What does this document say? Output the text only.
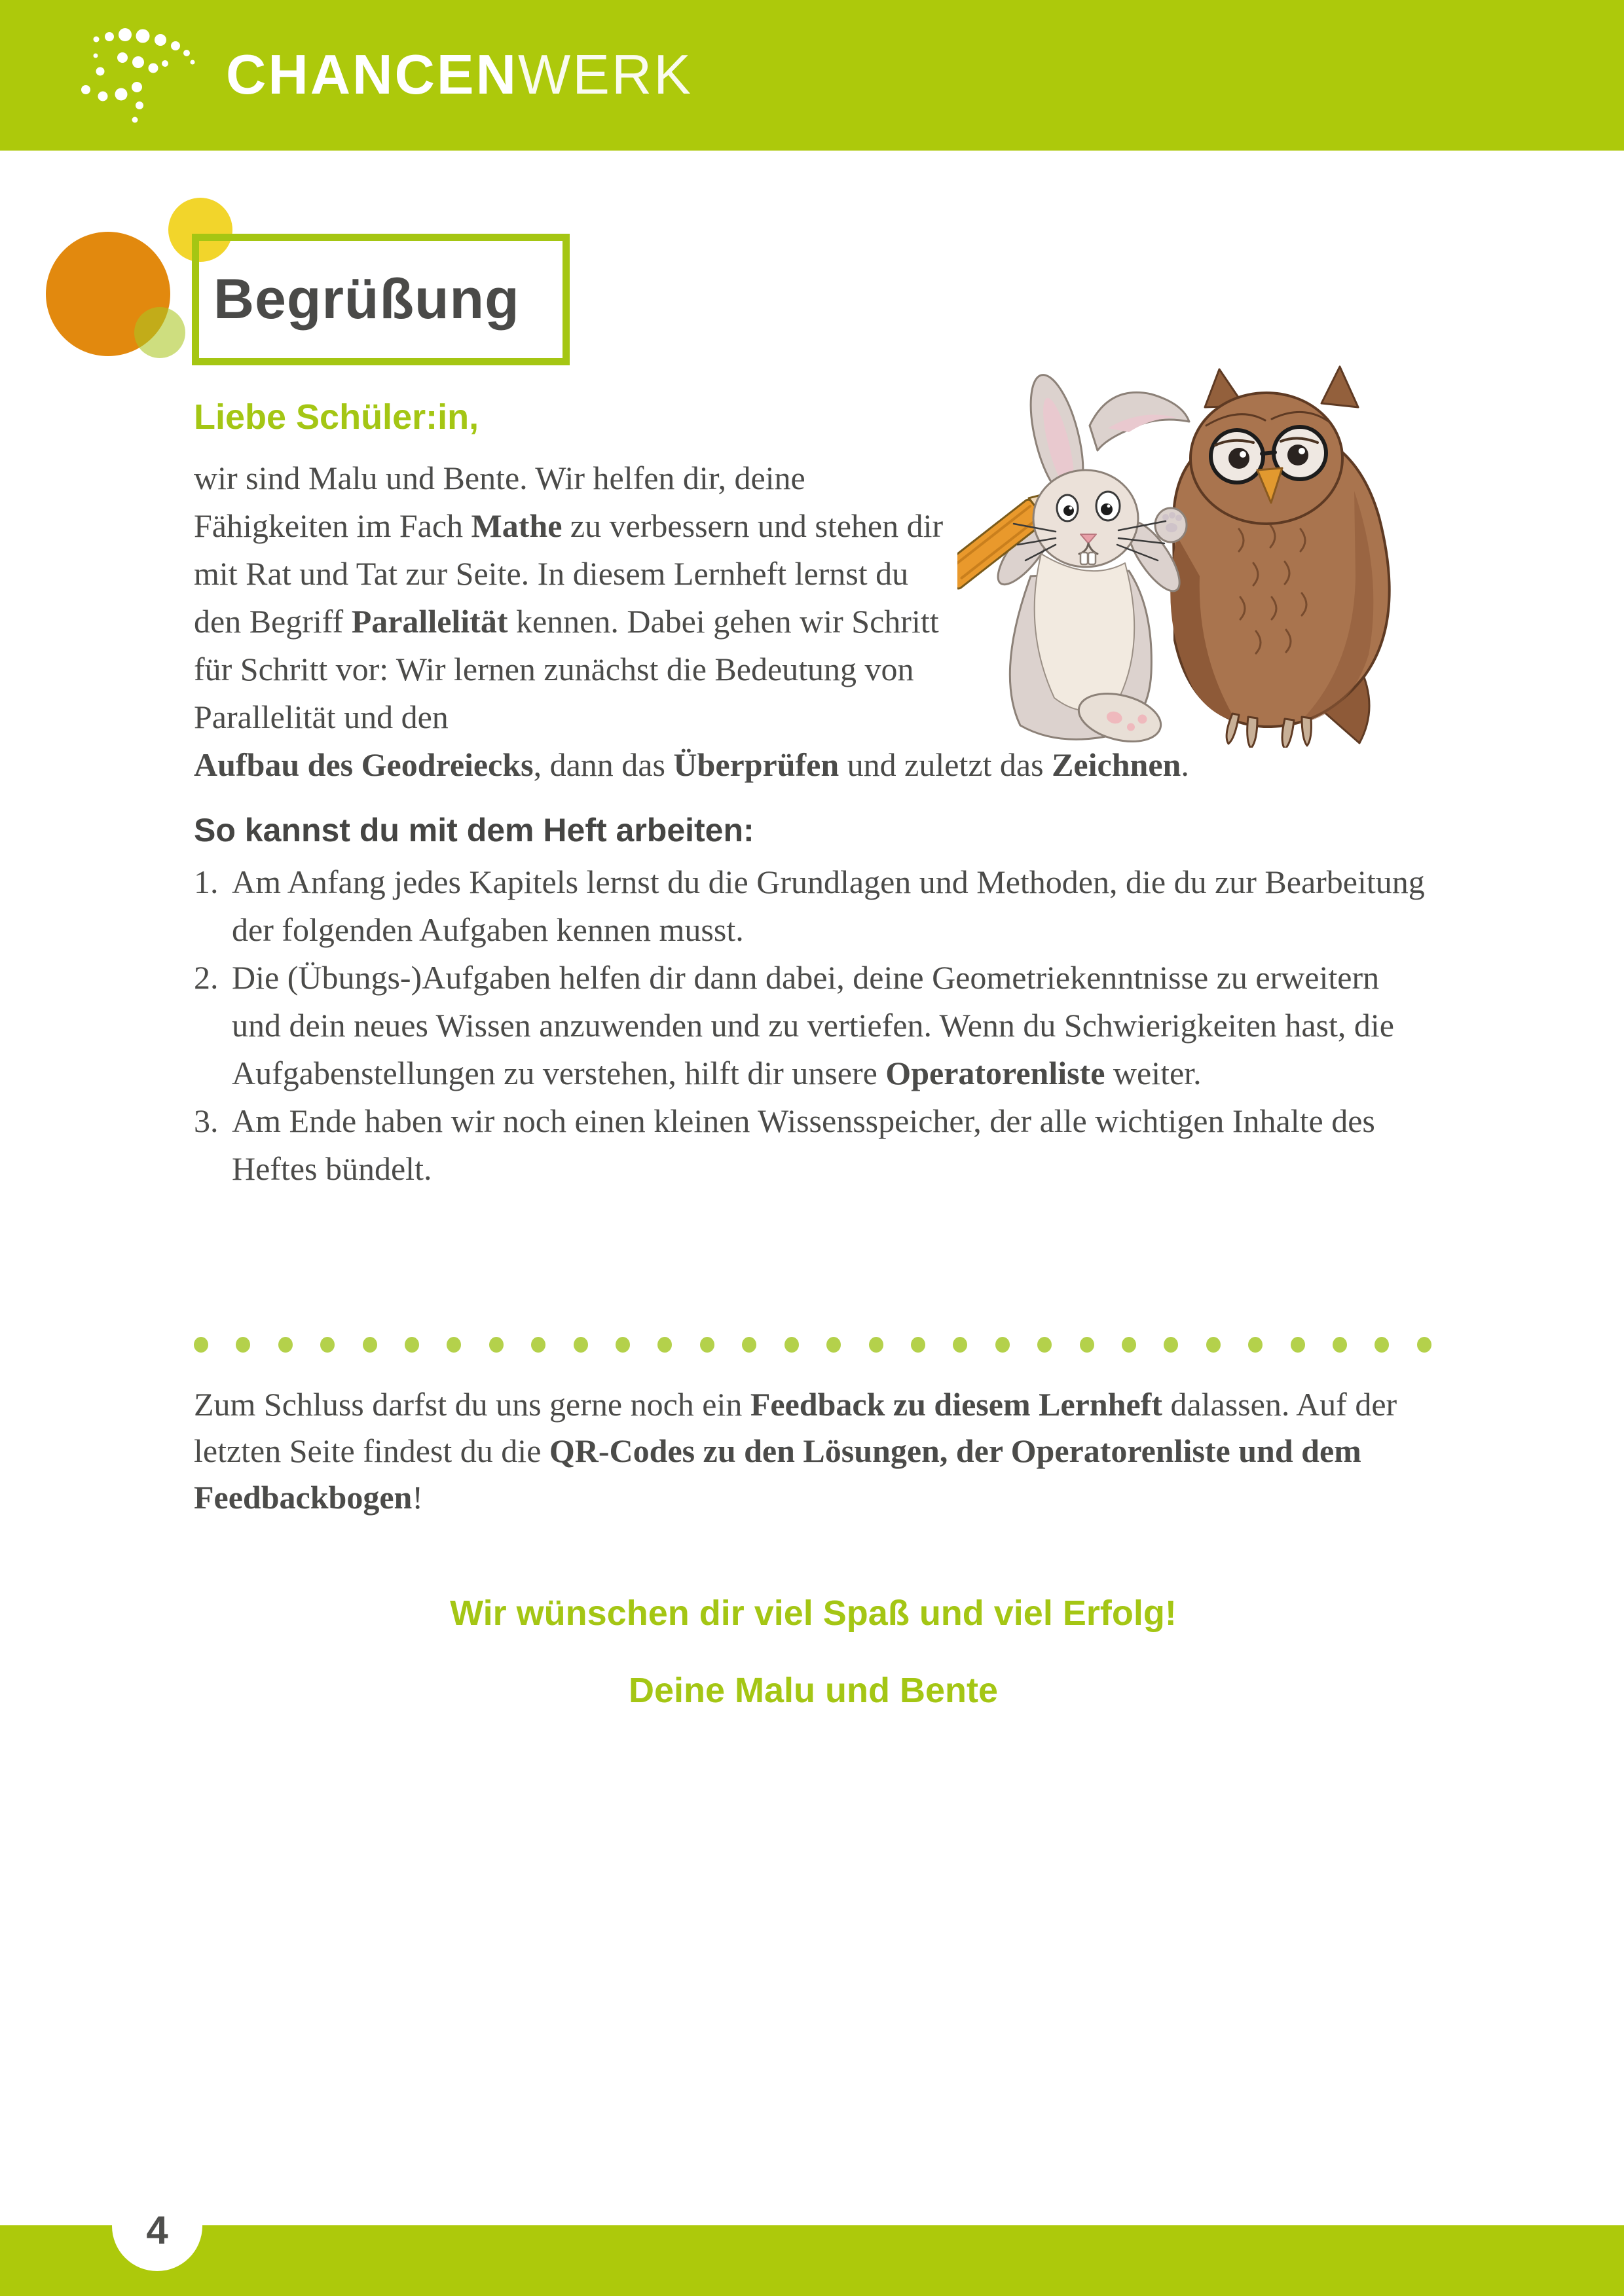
CHANCEN WERK
Begrüßung

Liebe Schüler:in,

wir sind Malu und Bente. Wir helfen dir, deine Fähigkeiten im Fach Mathe zu verbessern und stehen dir mit Rat und Tat zur Seite. In diesem Lernheft lernst du den Begriff Parallelität kennen. Dabei gehen wir Schritt für Schritt vor: Wir lernen zunächst die Bedeutung von Parallelität und den

Aufbau des Geodreiecks, dann das Überprüfen und zuletzt das Zeichnen.

So kannst du mit dem Heft arbeiten:

1. Am Anfang jedes Kapitels lernst du die Grundlagen und Methoden, die du zur Bearbeitung der folgenden Aufgaben kennen musst.
2. Die (Übungs-)Aufgaben helfen dir dann dabei, deine Geometriekenntnisse zu erweitern und dein neues Wissen anzuwenden und zu vertiefen. Wenn du Schwierigkeiten hast, die Aufgabenstellungen zu verstehen, hilft dir unsere Operatorenliste weiter.
3. Am Ende haben wir noch einen kleinen Wissensspeicher, der alle wichtigen Inhalte des Heftes bündelt.

Zum Schluss darfst du uns gerne noch ein Feedback zu diesem Lernheft dalassen. Auf der letzten Seite findest du die QR-Codes zu den Lösungen, der Operatorenliste und dem Feedbackbogen!

Wir wünschen dir viel Spaß und viel Erfolg!

Deine Malu und Bente

4
